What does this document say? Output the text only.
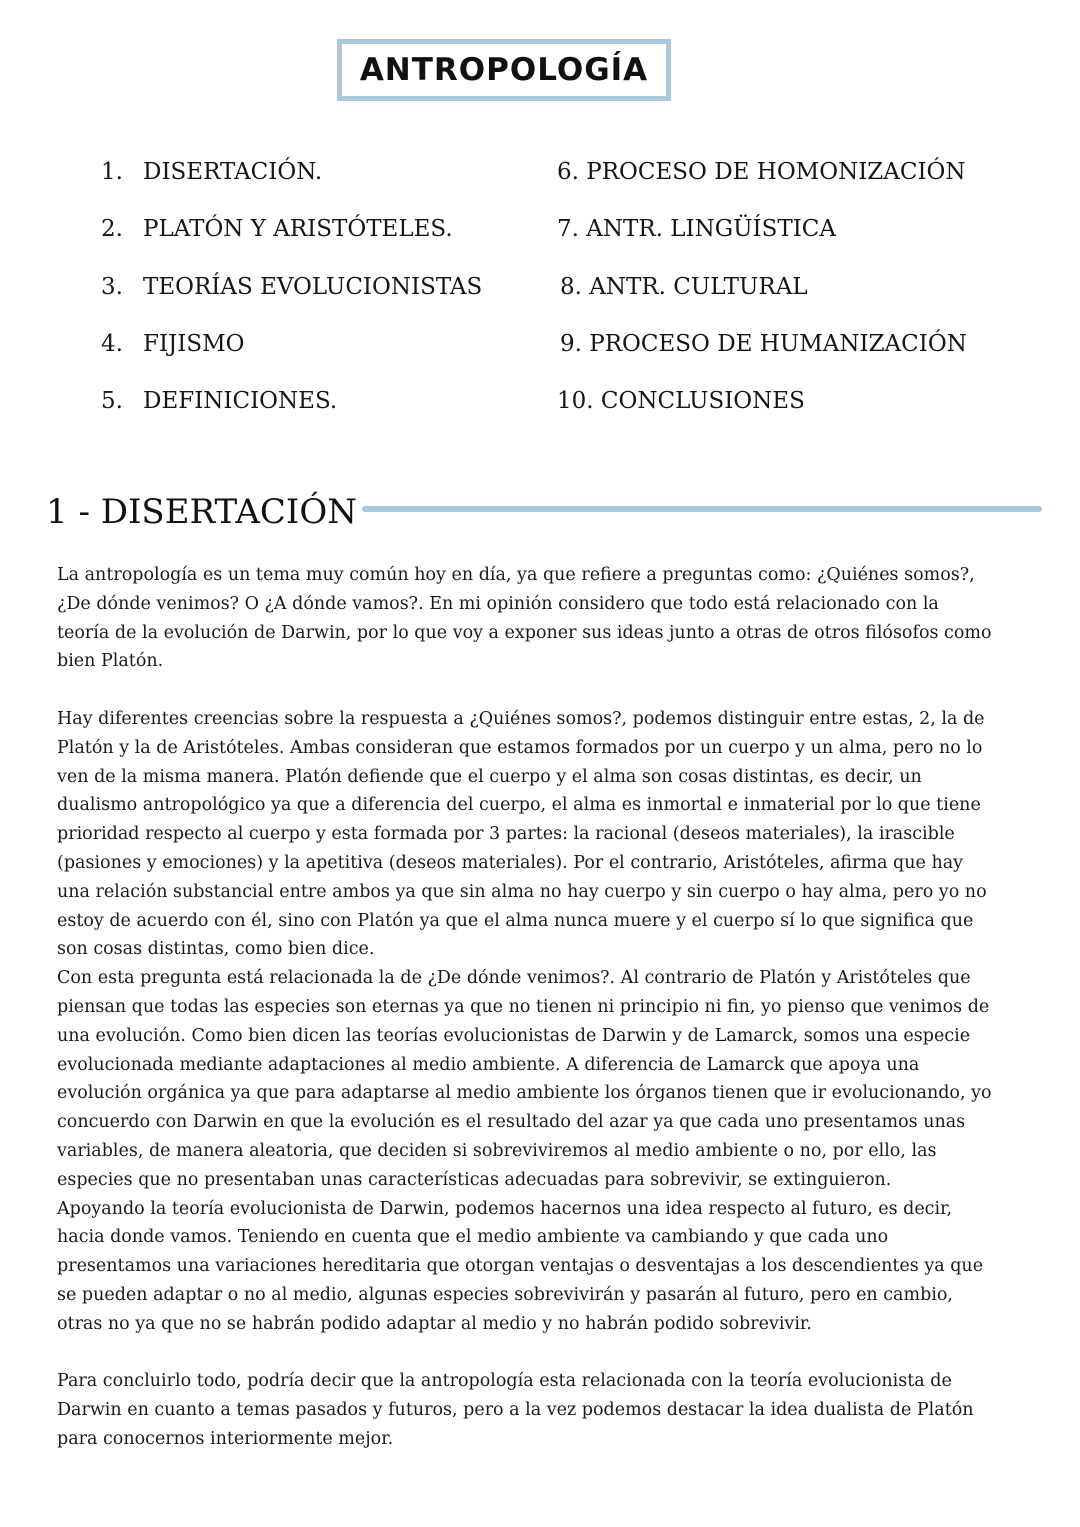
ANTROPOLOGÍA
1. DISERTACIÓN.
2. PLATÓN Y ARISTÓTELES.
3. TEORÍAS EVOLUCIONISTAS
4. FIJISMO
5. DEFINICIONES.
6. PROCESO DE HOMONIZACIÓN
7. ANTR. LINGÜÍSTICA
8. ANTR. CULTURAL
9. PROCESO DE HUMANIZACIÓN
10. CONCLUSIONES
1 - DISERTACIÓN

La antropología es un tema muy común hoy en día, ya que refiere a preguntas como: ¿Quiénes somos?,

¿De dónde venimos? O ¿A dónde vamos?. En mi opinión considero que todo está relacionado con la

teoría de la evolución de Darwin, por lo que voy a exponer sus ideas junto a otras de otros filósofos como

bien Platón.

Hay diferentes creencias sobre la respuesta a ¿Quiénes somos?, podemos distinguir entre estas, 2, la de

Platón y la de Aristóteles. Ambas consideran que estamos formados por un cuerpo y un alma, pero no lo

ven de la misma manera. Platón defiende que el cuerpo y el alma son cosas distintas, es decir, un

dualismo antropológico ya que a diferencia del cuerpo, el alma es inmortal e inmaterial por lo que tiene

prioridad respecto al cuerpo y esta formada por 3 partes: la racional (deseos materiales), la irascible

(pasiones y emociones) y la apetitiva (deseos materiales). Por el contrario, Aristóteles, afirma que hay

una relación substancial entre ambos ya que sin alma no hay cuerpo y sin cuerpo o hay alma, pero yo no

estoy de acuerdo con él, sino con Platón ya que el alma nunca muere y el cuerpo sí lo que significa que

son cosas distintas, como bien dice.

Con esta pregunta está relacionada la de ¿De dónde venimos?. Al contrario de Platón y Aristóteles que

piensan que todas las especies son eternas ya que no tienen ni principio ni fin, yo pienso que venimos de

una evolución. Como bien dicen las teorías evolucionistas de Darwin y de Lamarck, somos una especie

evolucionada mediante adaptaciones al medio ambiente. A diferencia de Lamarck que apoya una

evolución orgánica ya que para adaptarse al medio ambiente los órganos tienen que ir evolucionando, yo

concuerdo con Darwin en que la evolución es el resultado del azar ya que cada uno presentamos unas

variables, de manera aleatoria, que deciden si sobreviviremos al medio ambiente o no, por ello, las

especies que no presentaban unas características adecuadas para sobrevivir, se extinguieron.

Apoyando la teoría evolucionista de Darwin, podemos hacernos una idea respecto al futuro, es decir,

hacia donde vamos. Teniendo en cuenta que el medio ambiente va cambiando y que cada uno

presentamos una variaciones hereditaria que otorgan ventajas o desventajas a los descendientes ya que

se pueden adaptar o no al medio, algunas especies sobrevivirán y pasarán al futuro, pero en cambio,

otras no ya que no se habrán podido adaptar al medio y no habrán podido sobrevivir.

Para concluirlo todo, podría decir que la antropología esta relacionada con la teoría evolucionista de

Darwin en cuanto a temas pasados y futuros, pero a la vez podemos destacar la idea dualista de Platón

para conocernos interiormente mejor.
